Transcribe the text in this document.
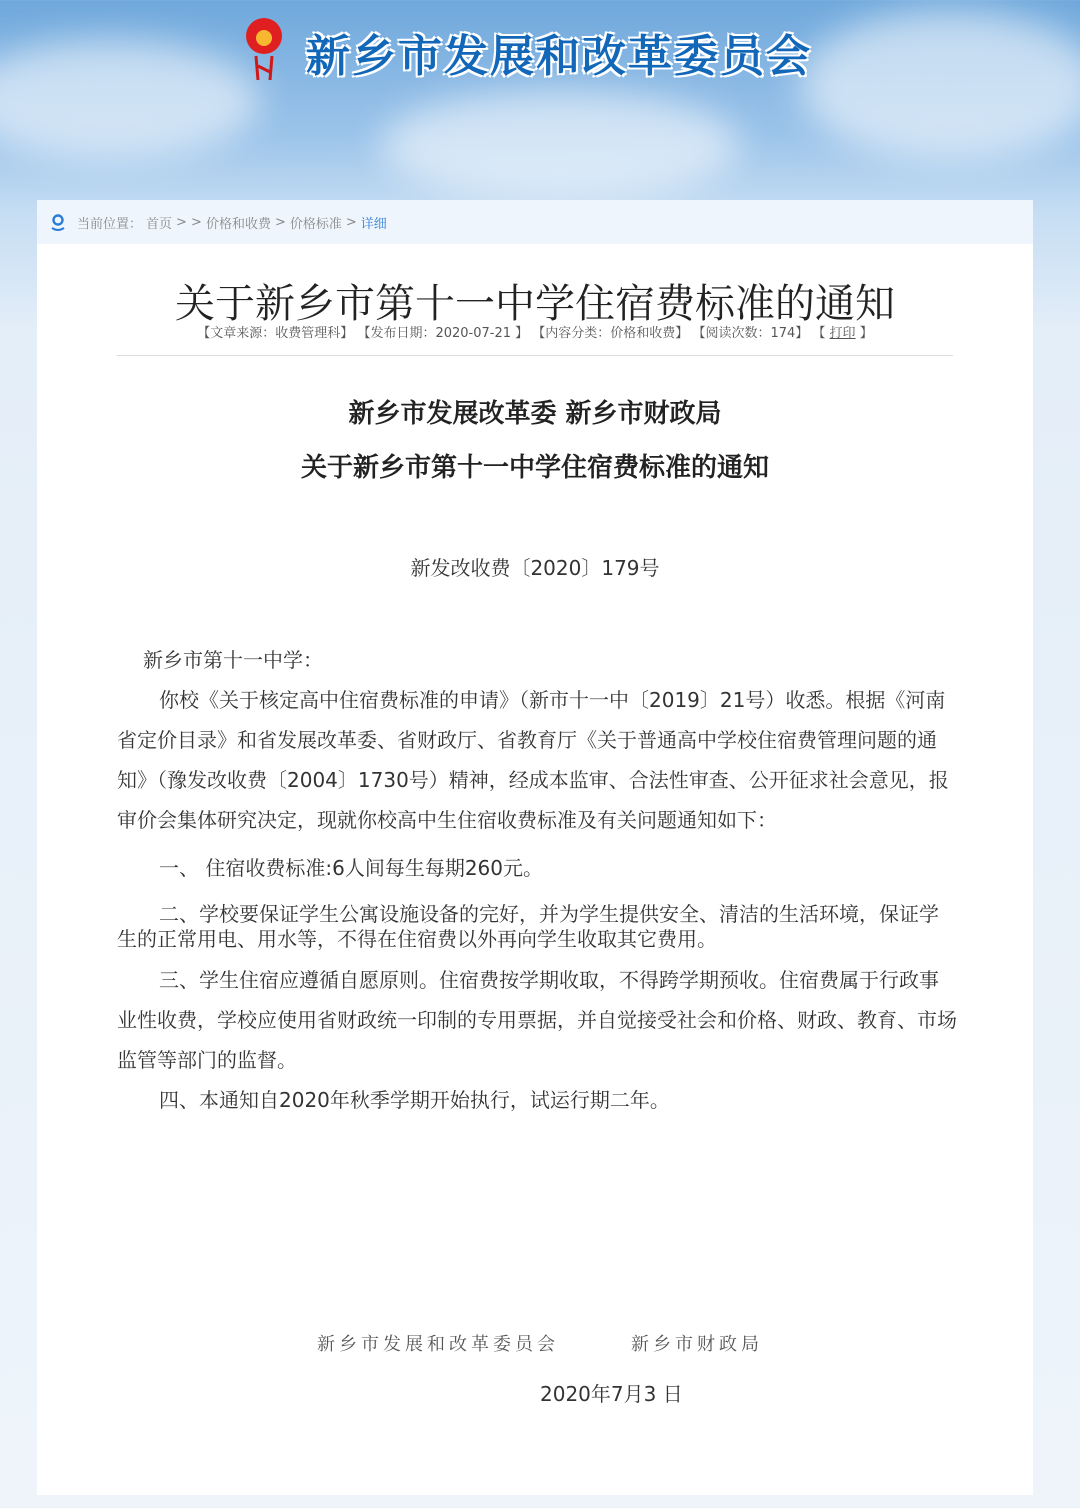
新乡市发展和改革委员会
当前位置： 首页 > > 价格和收费 > 价格标准 > 详细
关于新乡市第十一中学住宿费标准的通知
【文章来源：收费管理科】 【发布日期：2020-07-21 】 【内容分类：价格和收费】 【阅读次数：174】 【 打印 】
新乡市发展改革委 新乡市财政局
关于新乡市第十一中学住宿费标准的通知
新发改收费〔2020〕179号

新乡市第十一中学：

你校《关于核定高中住宿费标准的申请》（新市十一中〔2019〕21号）收悉。根据《河南省定价目录》和省发展改革委、省财政厅、省教育厅《关于普通高中学校住宿费管理问题的通知》（豫发改收费〔2004〕1730号）精神，经成本监审、合法性审查、公开征求社会意见，报审价会集体研究决定，现就你校高中生住宿收费标准及有关问题通知如下：

一、 住宿收费标准:6人间每生每期260元。

二、学校要保证学生公寓设施设备的完好，并为学生提供安全、清洁的生活环境，保证学生的正常用电、用水等，不得在住宿费以外再向学生收取其它费用。

三、学生住宿应遵循自愿原则。住宿费按学期收取，不得跨学期预收。住宿费属于行政事业性收费，学校应使用省财政统一印制的专用票据，并自觉接受社会和价格、财政、教育、市场监管等部门的监督。

四、本通知自2020年秋季学期开始执行，试运行期二年。

新乡市发展和改革委员会	新乡市财政局
2020年7月3 日
